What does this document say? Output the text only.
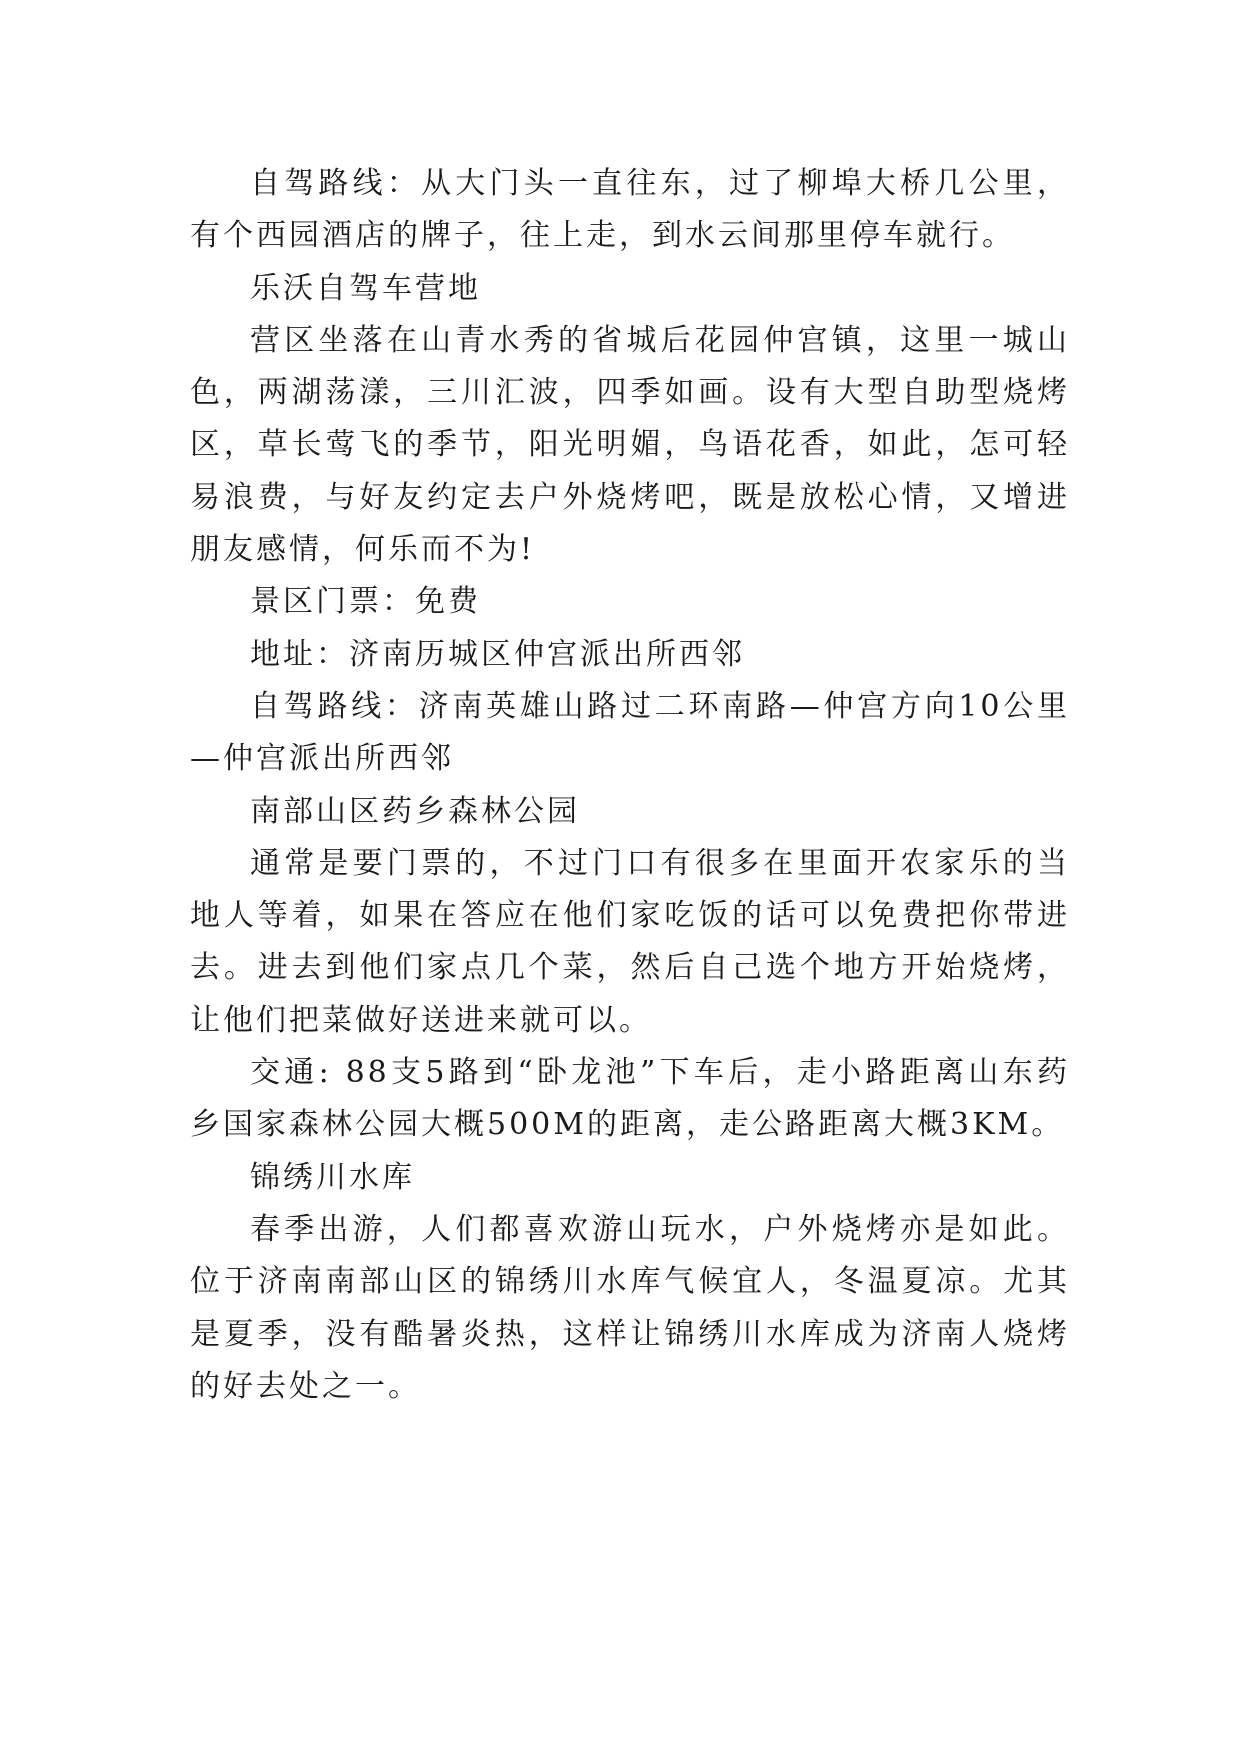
自驾路线：从大门头一直往东，过了柳埠大桥几公里，有个西园酒店的牌子，往上走，到水云间那里停车就行。

乐沃自驾车营地

营区坐落在山青水秀的省城后花园仲宫镇，这里一城山色，两湖荡漾，三川汇波，四季如画。设有大型自助型烧烤区，草长莺飞的季节，阳光明媚，鸟语花香，如此，怎可轻易浪费，与好友约定去户外烧烤吧，既是放松心情，又增进朋友感情，何乐而不为!

景区门票：免费

地址：济南历城区仲宫派出所西邻

自驾路线：济南英雄山路过二环南路—仲宫方向10公里—仲宫派出所西邻

南部山区药乡森林公园

通常是要门票的，不过门口有很多在里面开农家乐的当地人等着，如果在答应在他们家吃饭的话可以免费把你带进去。进去到他们家点几个菜，然后自己选个地方开始烧烤，让他们把菜做好送进来就可以。

交通: 88支5路到“卧龙池”下车后，走小路距离山东药乡国家森林公园大概500M的距离，走公路距离大概3KM。

锦绣川水库

春季出游，人们都喜欢游山玩水，户外烧烤亦是如此。位于济南南部山区的锦绣川水库气候宜人，冬温夏凉。尤其是夏季，没有酷暑炎热，这样让锦绣川水库成为济南人烧烤的好去处之一。
